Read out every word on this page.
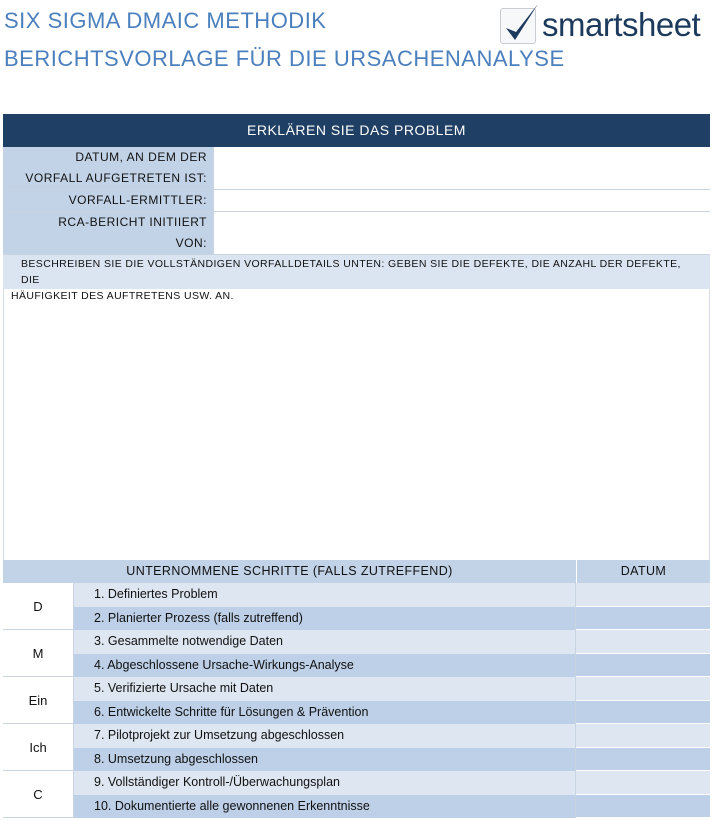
SIX SIGMA DMAIC METHODIK
BERICHTSVORLAGE FÜR DIE URSACHENANALYSE
smartsheet
ERKLÄREN SIE DAS PROBLEM
DATUM, AN DEM DER
VORFALL AUFGETRETEN IST:
VORFALL-ERMITTLER:
RCA-BERICHT INITIIERT
VON:
BESCHREIBEN SIE DIE VOLLSTÄNDIGEN VORFALLDETAILS UNTEN: GEBEN SIE DIE DEFEKTE, DIE ANZAHL DER DEFEKTE, DIE
HÄUFIGKEIT DES AUFTRETENS USW. AN.
UNTERNOMMENE SCHRITTE (FALLS ZUTREFFEND)	DATUM
D
M
Ein
Ich
C
1. Definiertes Problem
2. Planierter Prozess (falls zutreffend)
3. Gesammelte notwendige Daten
4. Abgeschlossene Ursache-Wirkungs-Analyse
5. Verifizierte Ursache mit Daten
6. Entwickelte Schritte für Lösungen & Prävention
7. Pilotprojekt zur Umsetzung abgeschlossen
8. Umsetzung abgeschlossen
9. Vollständiger Kontroll-/Überwachungsplan
10. Dokumentierte alle gewonnenen Erkenntnisse
